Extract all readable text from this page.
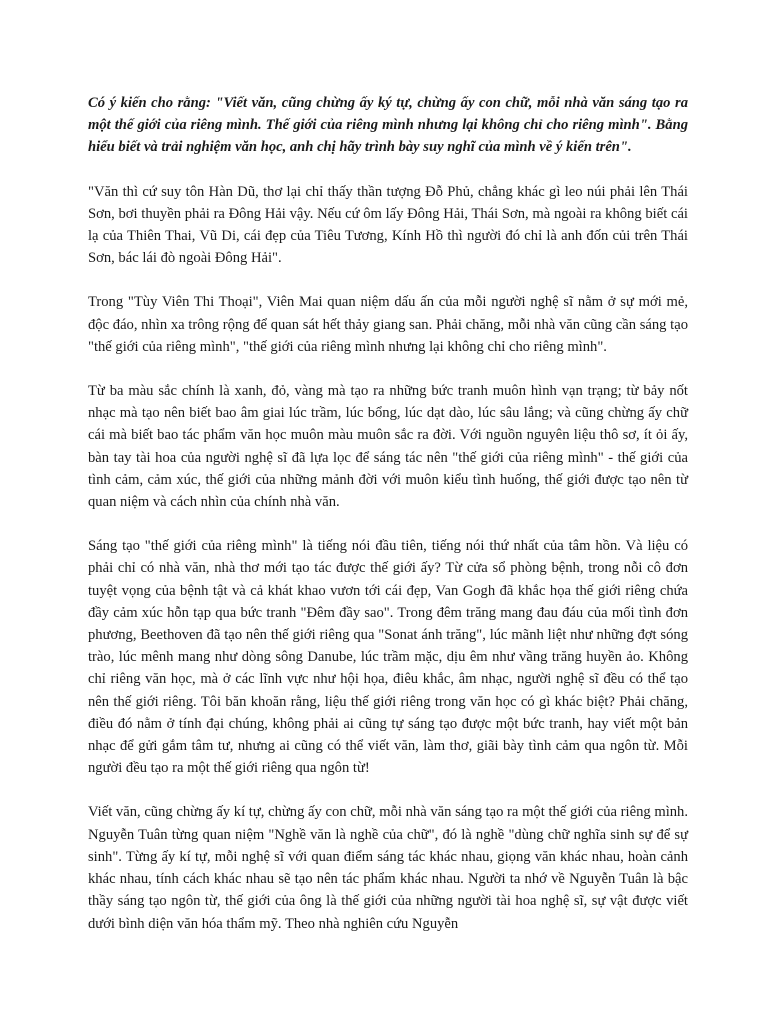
Có ý kiến cho rằng: "Viết văn, cũng chừng ấy ký tự, chừng ấy con chữ, mỗi nhà văn sáng tạo ra một thế giới của riêng mình. Thế giới của riêng mình nhưng lại không chỉ cho riêng mình". Bằng hiểu biết và trải nghiệm văn học, anh chị hãy trình bày suy nghĩ của mình về ý kiến trên".

"Văn thì cứ suy tôn Hàn Dũ, thơ lại chỉ thấy thần tượng Đỗ Phủ, chẳng khác gì leo núi phải lên Thái Sơn, bơi thuyền phải ra Đông Hải vậy. Nếu cứ ôm lấy Đông Hải, Thái Sơn, mà ngoài ra không biết cái lạ của Thiên Thai, Vũ Di, cái đẹp của Tiêu Tương, Kính Hồ thì người đó chỉ là anh đốn củi trên Thái Sơn, bác lái đò ngoài Đông Hải".

Trong "Tùy Viên Thi Thoại", Viên Mai quan niệm dấu ấn của mỗi người nghệ sĩ nằm ở sự mới mẻ, độc đáo, nhìn xa trông rộng để quan sát hết thảy giang san. Phải chăng, mỗi nhà văn cũng cần sáng tạo "thế giới của riêng mình", "thế giới của riêng mình nhưng lại không chỉ cho riêng mình".

Từ ba màu sắc chính là xanh, đỏ, vàng mà tạo ra những bức tranh muôn hình vạn trạng; từ bảy nốt nhạc mà tạo nên biết bao âm giai lúc trầm, lúc bổng, lúc dạt dào, lúc sâu lắng; và cũng chừng ấy chữ cái mà biết bao tác phẩm văn học muôn màu muôn sắc ra đời. Với nguồn nguyên liệu thô sơ, ít ỏi ấy, bàn tay tài hoa của người nghệ sĩ đã lựa lọc để sáng tác nên "thế giới của riêng mình" - thế giới của tình cảm, cảm xúc, thế giới của những mảnh đời với muôn kiểu tình huống, thế giới được tạo nên từ quan niệm và cách nhìn của chính nhà văn.

Sáng tạo "thế giới của riêng mình" là tiếng nói đầu tiên, tiếng nói thứ nhất của tâm hồn. Và liệu có phải chỉ có nhà văn, nhà thơ mới tạo tác được thế giới ấy? Từ cửa sổ phòng bệnh, trong nỗi cô đơn tuyệt vọng của bệnh tật và cả khát khao vươn tới cái đẹp, Van Gogh đã khắc họa thế giới riêng chứa đầy cảm xúc hỗn tạp qua bức tranh "Đêm đầy sao". Trong đêm trăng mang đau đáu của mối tình đơn phương, Beethoven đã tạo nên thế giới riêng qua "Sonat ánh trăng", lúc mãnh liệt như những đợt sóng trào, lúc mênh mang như dòng sông Danube, lúc trầm mặc, dịu êm như vầng trăng huyền ảo. Không chỉ riêng văn học, mà ở các lĩnh vực như hội họa, điêu khắc, âm nhạc, người nghệ sĩ đều có thể tạo nên thế giới riêng. Tôi băn khoăn rằng, liệu thế giới riêng trong văn học có gì khác biệt? Phải chăng, điều đó nằm ở tính đại chúng, không phải ai cũng tự sáng tạo được một bức tranh, hay viết một bản nhạc để gửi gắm tâm tư, nhưng ai cũng có thể viết văn, làm thơ, giãi bày tình cảm qua ngôn từ. Mỗi người đều tạo ra một thế giới riêng qua ngôn từ!

Viết văn, cũng chừng ấy kí tự, chừng ấy con chữ, mỗi nhà văn sáng tạo ra một thế giới của riêng mình. Nguyễn Tuân từng quan niệm "Nghề văn là nghề của chữ", đó là nghề "dùng chữ nghĩa sinh sự để sự sinh". Từng ấy kí tự, mỗi nghệ sĩ với quan điểm sáng tác khác nhau, giọng văn khác nhau, hoàn cảnh khác nhau, tính cách khác nhau sẽ tạo nên tác phẩm khác nhau. Người ta nhớ về Nguyễn Tuân là bậc thầy sáng tạo ngôn từ, thế giới của ông là thế giới của những người tài hoa nghệ sĩ, sự vật được viết dưới bình diện văn hóa thẩm mỹ. Theo nhà nghiên cứu Nguyễn
